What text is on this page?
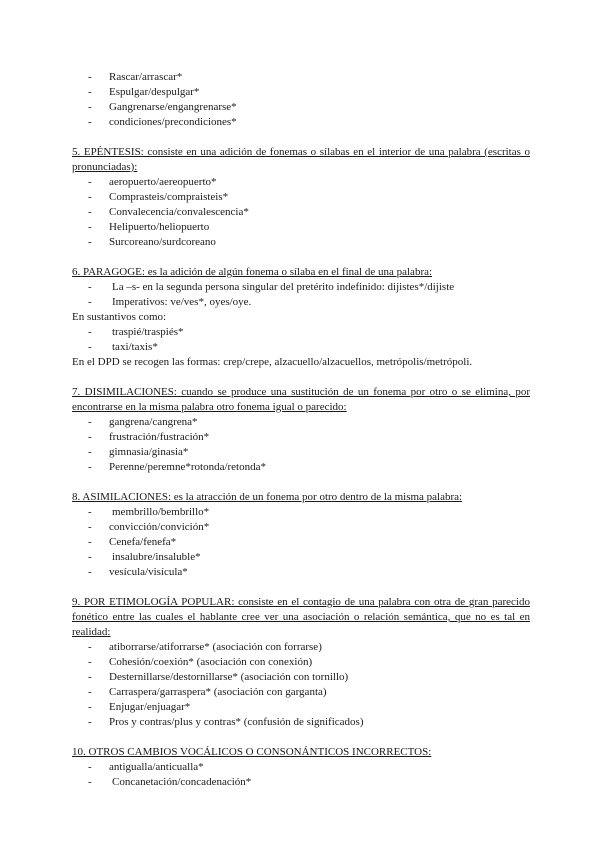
- Rascar/arrascar*
- Espulgar/despulgar*
- Gangrenarse/engangrenarse*
- condiciones/precondiciones*
5. EPÉNTESIS: consiste en una adición de fonemas o sílabas en el interior de una palabra (escritas o pronunciadas):
- aeropuerto/aereopuerto*
- Comprasteis/compraisteis*
- Convalecencia/convalescencia*
- Helipuerto/heliopuerto
- Surcoreano/surdcoreano
6. PARAGOGE: es la adición de algún fonema o sílaba en el final de una palabra:
- La –s- en la segunda persona singular del pretérito indefinido: dijistes*/dijiste
- Imperativos: ve/ves*, oyes/oye.
En sustantivos como:
- traspié/traspiés*
- taxi/taxis*
En el DPD se recogen las formas: crep/crepe, alzacuello/alzacuellos, metrópolis/metrópoli.
7. DISIMILACIONES: cuando se produce una sustitución de un fonema por otro o se elimina, por encontrarse en la misma palabra otro fonema igual o parecido:
- gangrena/cangrena*
- frustración/fustración*
- gimnasia/ginasia*
- Perenne/peremne*rotonda/retonda*
8. ASIMILACIONES: es la atracción de un fonema por otro dentro de la misma palabra:
- membrillo/bembrillo*
- convicción/convición*
- Cenefa/fenefa*
- insalubre/insaluble*
- vesícula/visícula*
9. POR ETIMOLOGÍA POPULAR: consiste en el contagio de una palabra con otra de gran parecido fonético entre las cuales el hablante cree ver una asociación o relación semántica, que no es tal en realidad:
- atiborrarse/atiforrarse* (asociación con forrarse)
- Cohesión/coexión* (asociación con conexión)
- Desternillarse/destornillarse* (asociación con tornillo)
- Carraspera/garraspera* (asociación con garganta)
- Enjugar/enjuagar*
- Pros y contras/plus y contras* (confusión de significados)
10. OTROS CAMBIOS VOCÁLICOS O CONSONÁNTICOS INCORRECTOS:
- antigualla/anticualla*
- Concanetación/concadenación*
